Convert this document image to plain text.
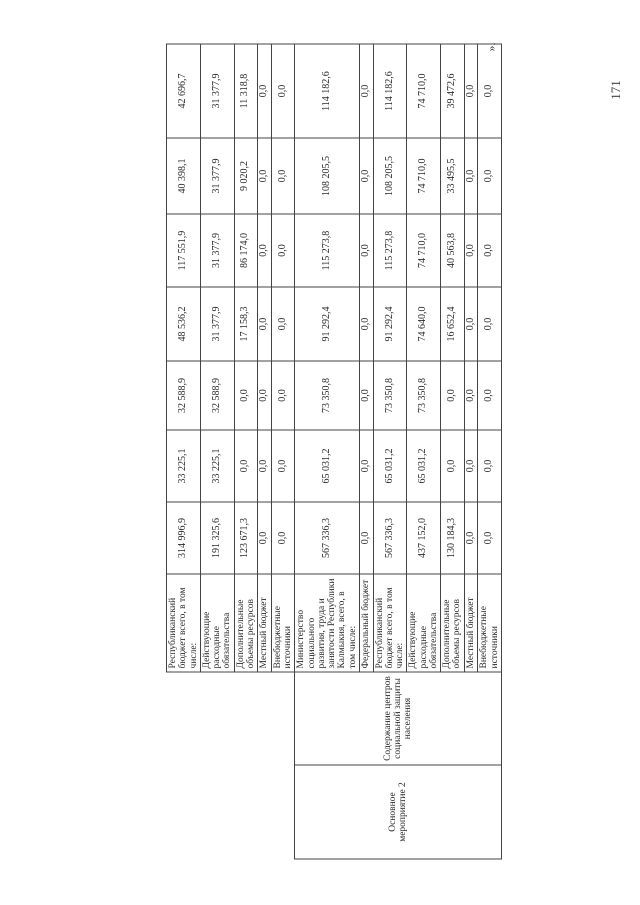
		Республиканский бюджет всего, в том числе:	314 996,9	33 225,1	32 588,9	48 536,2	117 551,9	40 398,1	42 696,7
		Действующие расходные обязательства	191 325,6	33 225,1	32 588,9	31 377,9	31 377,9	31 377,9	31 377,9
		Дополнительные объемы ресурсов	123 671,3	0,0	0,0	17 158,3	86 174,0	9 020,2	11 318,8
		Местный бюджет	0,0	0,0	0,0	0,0	0,0	0,0	0,0
		Внебюджетные источники	0,0	0,0	0,0	0,0	0,0	0,0	0,0
Основное мероприятие 2	Содержание центров социальной защиты населения	Министерство социального развития, труда и занятости Республики Калмыкия, всего, в том числе:	567 336,3	65 031,2	73 350,8	91 292,4	115 273,8	108 205,5	114 182,6
		Федеральный бюджет	0,0	0,0	0,0	0,0	0,0	0,0	0,0
		Республиканский бюджет всего, в том числе:	567 336,3	65 031,2	73 350,8	91 292,4	115 273,8	108 205,5	114 182,6
		Действующие расходные обязательства	437 152,0	65 031,2	73 350,8	74 640,0	74 710,0	74 710,0	74 710,0
		Дополнительные объемы ресурсов	130 184,3	0,0	0,0	16 652,4	40 563,8	33 495,5	39 472,6
		Местный бюджет	0,0	0,0	0,0	0,0	0,0	0,0	0,0
		Внебюджетные источники	0,0	0,0	0,0	0,0	0,0	0,0	0,0
».
171
